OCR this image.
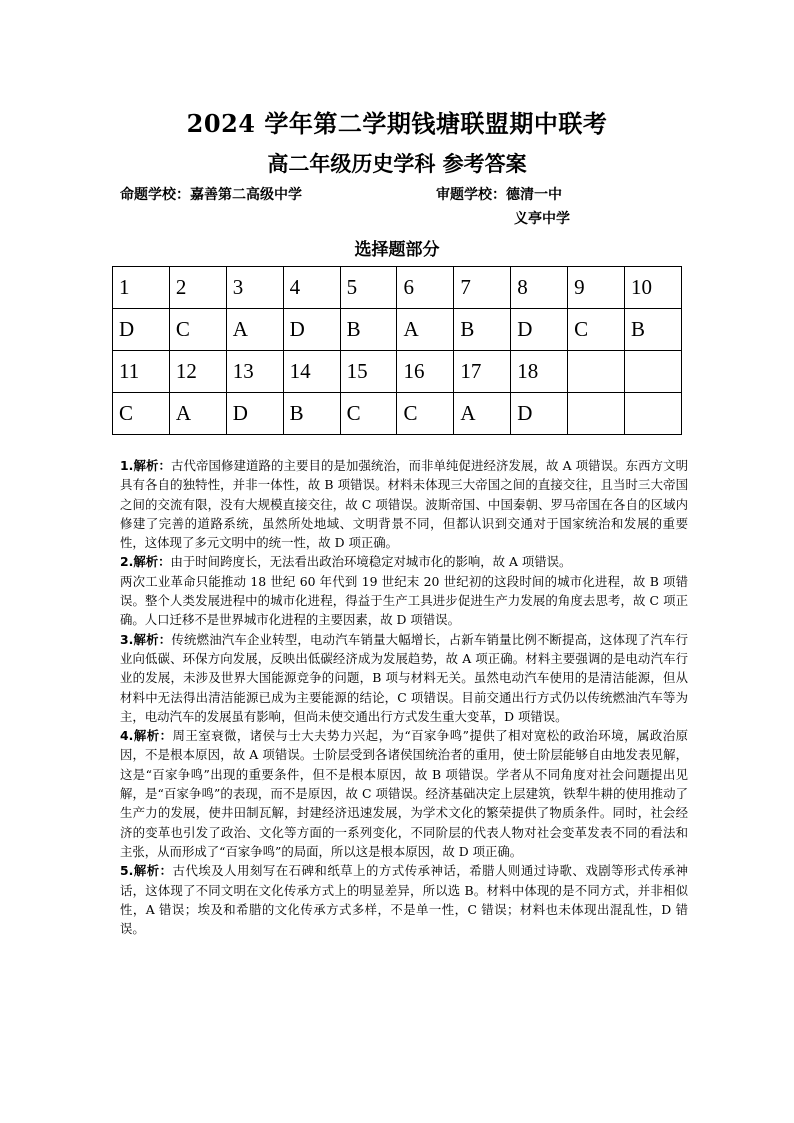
2024 学年第二学期钱塘联盟期中联考
高二年级历史学科 参考答案
命题学校：嘉善第二高级中学	审题学校：德清一中
义亭中学
选择题部分
1	2	3	4	5	6	7	8	9	10
D	C	A	D	B	A	B	D	C	B
11	12	13	14	15	16	17	18		
C	A	D	B	C	C	A	D		

1.解析：古代帝国修建道路的主要目的是加强统治，而非单纯促进经济发展，故 A 项错误。东西方文明具有各自的独特性，并非一体性，故 B 项错误。材料未体现三大帝国之间的直接交往，且当时三大帝国之间的交流有限，没有大规模直接交往，故 C 项错误。波斯帝国、中国秦朝、罗马帝国在各自的区域内修建了完善的道路系统，虽然所处地域、文明背景不同，但都认识到交通对于国家统治和发展的重要性，这体现了多元文明中的统一性，故 D 项正确。

2.解析：由于时间跨度长，无法看出政治环境稳定对城市化的影响，故 A 项错误。

两次工业革命只能推动 18 世纪 60 年代到 19 世纪末 20 世纪初的这段时间的城市化进程，故 B 项错误。整个人类发展进程中的城市化进程，得益于生产工具进步促进生产力发展的角度去思考，故 C 项正确。人口迁移不是世界城市化进程的主要因素，故 D 项错误。

3.解析：传统燃油汽车企业转型，电动汽车销量大幅增长，占新车销量比例不断提高，这体现了汽车行业向低碳、环保方向发展，反映出低碳经济成为发展趋势，故 A 项正确。材料主要强调的是电动汽车行业的发展，未涉及世界大国能源竞争的问题，B 项与材料无关。虽然电动汽车使用的是清洁能源，但从材料中无法得出清洁能源已成为主要能源的结论，C 项错误。目前交通出行方式仍以传统燃油汽车等为主，电动汽车的发展虽有影响，但尚未使交通出行方式发生重大变革，D 项错误。

4.解析：周王室衰微，诸侯与士大夫势力兴起，为“百家争鸣”提供了相对宽松的政治环境，属政治原因，不是根本原因，故 A 项错误。士阶层受到各诸侯国统治者的重用，使士阶层能够自由地发表见解，这是“百家争鸣”出现的重要条件，但不是根本原因，故 B 项错误。学者从不同角度对社会问题提出见解，是“百家争鸣”的表现，而不是原因，故 C 项错误。经济基础决定上层建筑，铁犁牛耕的使用推动了生产力的发展，使井田制瓦解，封建经济迅速发展，为学术文化的繁荣提供了物质条件。同时，社会经济的变革也引发了政治、文化等方面的一系列变化，不同阶层的代表人物对社会变革发表不同的看法和主张，从而形成了“百家争鸣”的局面，所以这是根本原因，故 D 项正确。

5.解析：古代埃及人用刻写在石碑和纸草上的方式传承神话，希腊人则通过诗歌、戏剧等形式传承神话，这体现了不同文明在文化传承方式上的明显差异，所以选 B。材料中体现的是不同方式，并非相似性，A 错误；埃及和希腊的文化传承方式多样，不是单一性，C 错误；材料也未体现出混乱性，D 错误。
